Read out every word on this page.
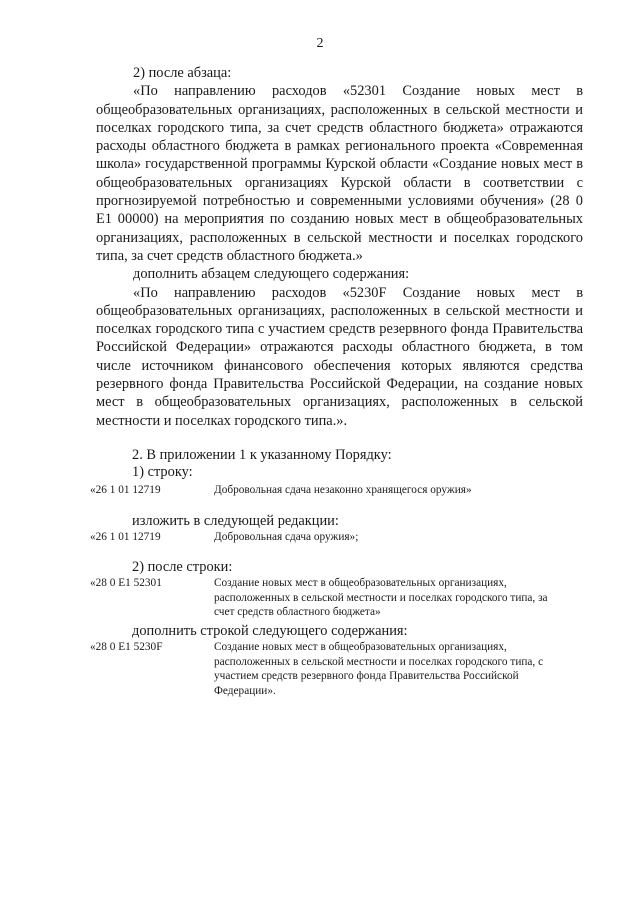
2

2) после абзаца:

«По направлению расходов «52301 Создание новых мест в общеобразовательных организациях, расположенных в сельской местности и поселках городского типа, за счет средств областного бюджета» отражаются расходы областного бюджета в рамках регионального проекта «Современная школа» государственной программы Курской области «Создание новых мест в общеобразовательных организациях Курской области в соответствии с прогнозируемой потребностью и современными условиями обучения» (28 0 Е1 00000) на мероприятия по созданию новых мест в общеобразовательных организациях, расположенных в сельской местности и поселках городского типа, за счет средств областного бюджета.»

дополнить абзацем следующего содержания:

«По направлению расходов «5230F Создание новых мест в общеобразовательных организациях, расположенных в сельской местности и поселках городского типа с участием средств резервного фонда Правительства Российской Федерации» отражаются расходы областного бюджета, в том числе источником финансового обеспечения которых являются средства резервного фонда Правительства Российской Федерации, на создание новых мест в общеобразовательных организациях, расположенных в сельской местности и поселках городского типа.».

2. В приложении 1 к указанному Порядку:
1) строку:
«26 1 01 12719	Добровольная сдача незаконно хранящегося оружия»
изложить в следующей редакции:
«26 1 01 12719	Добровольная сдача оружия»;
2) после строки:
«28 0 Е1 52301	Создание новых мест в общеобразовательных организациях, расположенных в сельской местности и поселках городского типа, за счет средств областного бюджета»
дополнить строкой следующего содержания:
«28 0 Е1 5230F	Создание новых мест в общеобразовательных организациях, расположенных в сельской местности и поселках городского типа, с участием средств резервного фонда Правительства Российской Федерации».
